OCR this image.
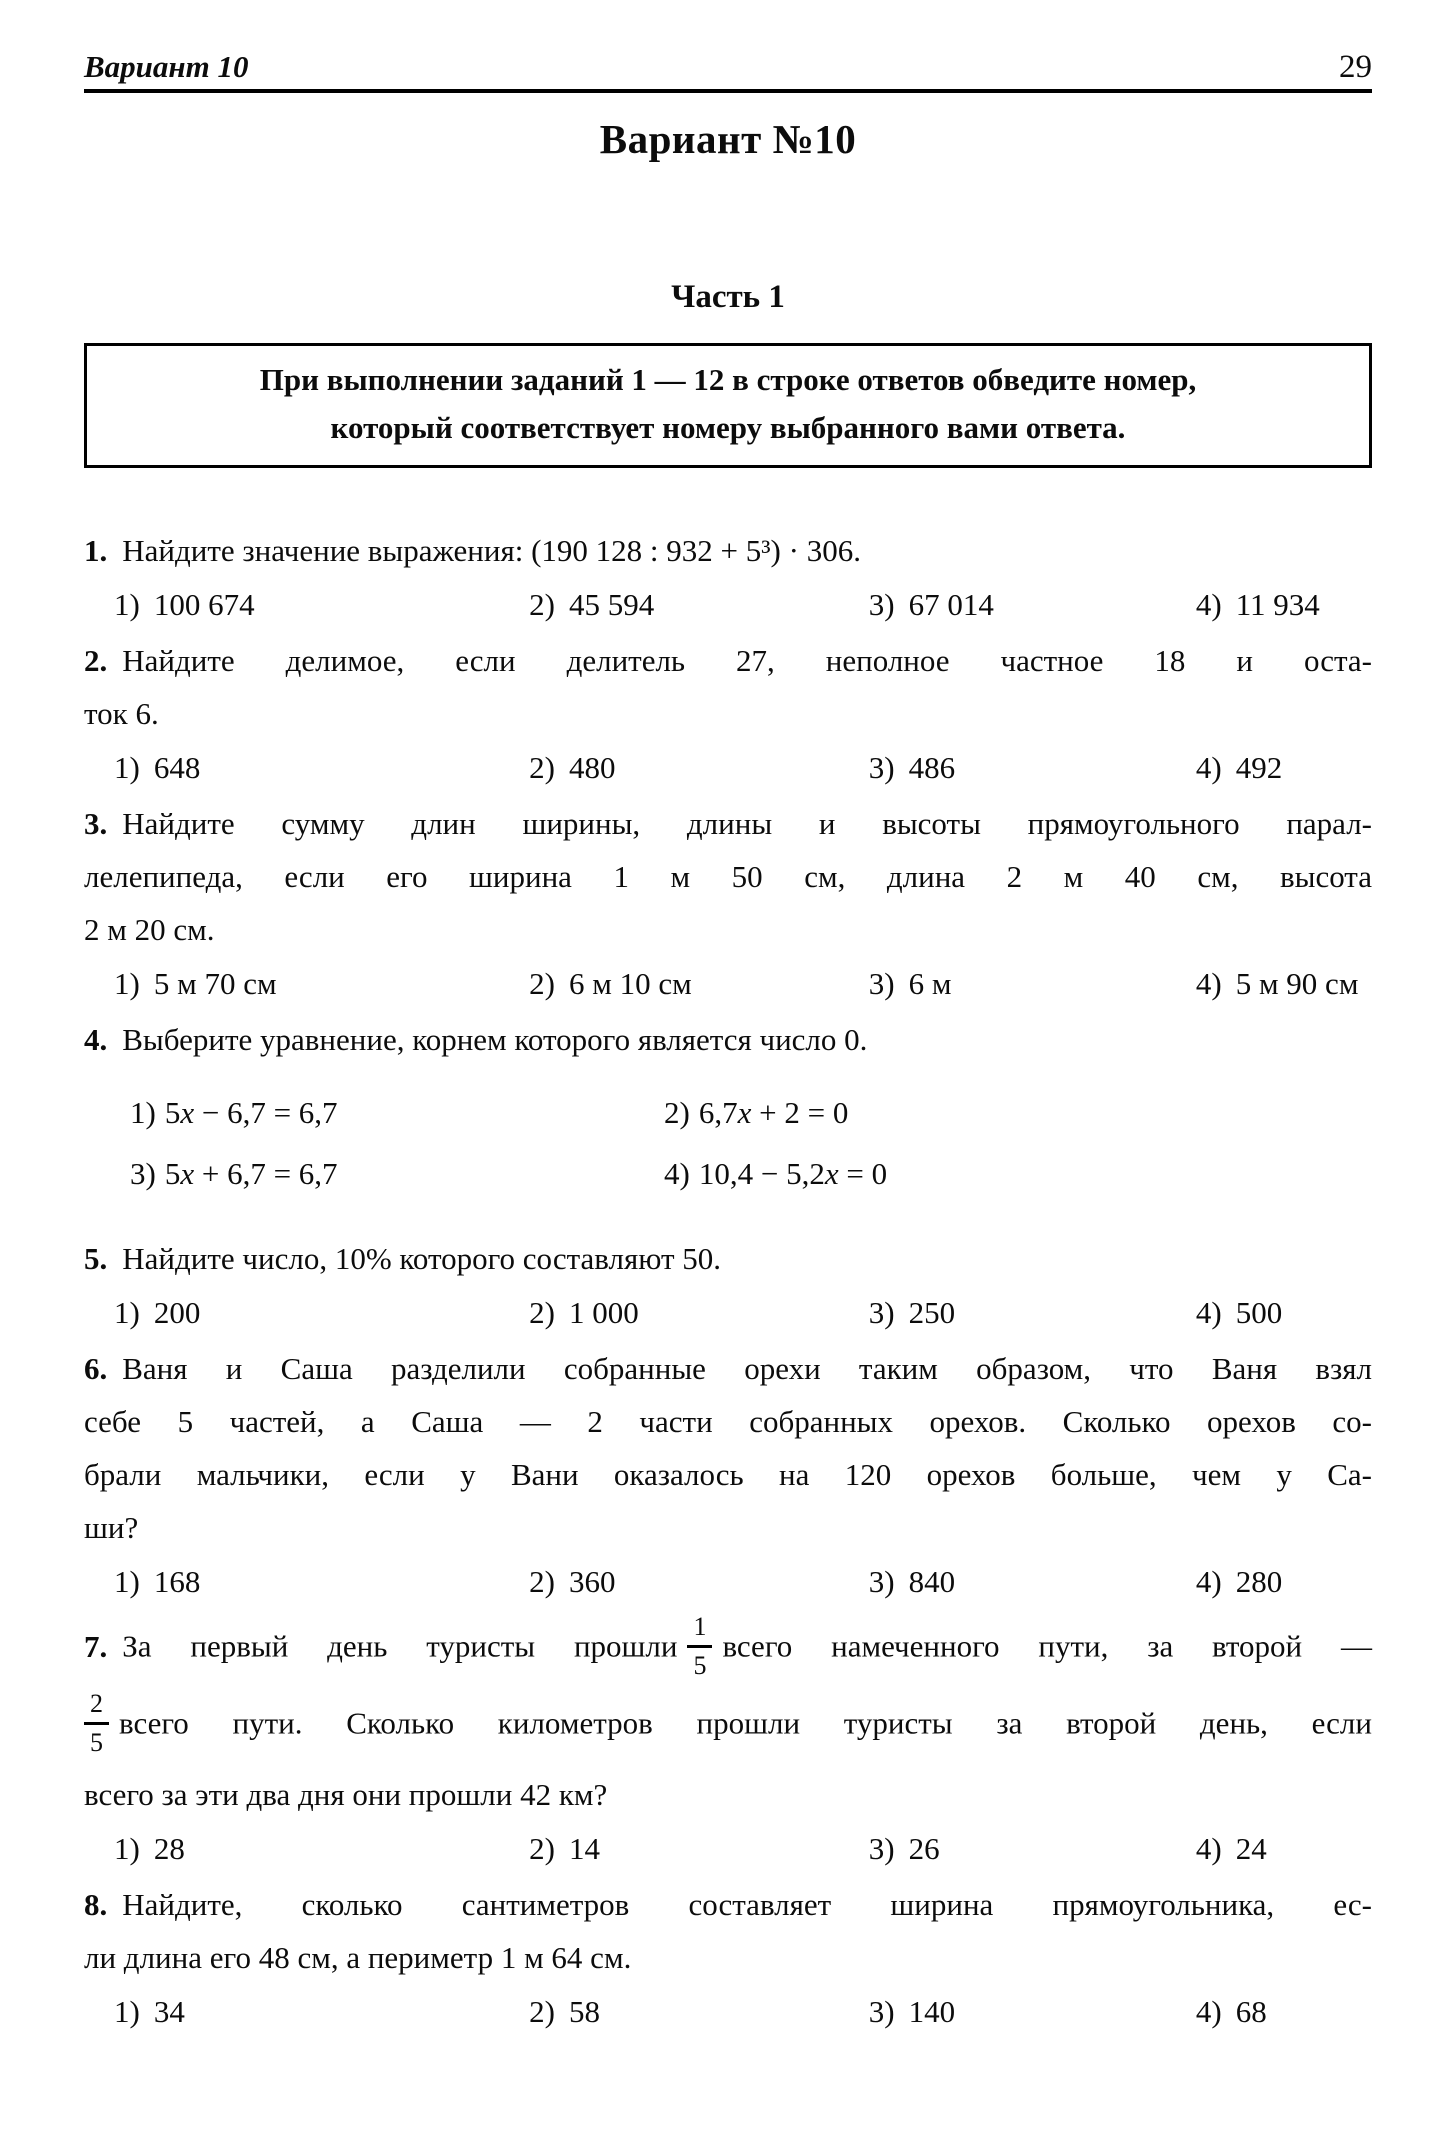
Вариант 10	29
Вариант №10
Часть 1
При выполнении заданий 1 — 12 в строке ответов обведите номер,
который соответствует номеру выбранного вами ответа.
1. Найдите значение выражения: (190 128 : 932 + 5³) · 306.
1) 100 674	2) 45 594	3) 67 014	4) 11 934
2. Найдите делимое, если делитель 27, неполное частное 18 и оста-
ток 6.
1) 648	2) 480	3) 486	4) 492
3. Найдите сумму длин ширины, длины и высоты прямоугольного парал-
лелепипеда, если его ширина 1 м 50 см, длина 2 м 40 см, высота
2 м 20 см.
1) 5 м 70 см	2) 6 м 10 см	3) 6 м	4) 5 м 90 см
4. Выберите уравнение, корнем которого является число 0.
1) 5x − 6,7 = 6,7	2) 6,7x + 2 = 0
3) 5x + 6,7 = 6,7	4) 10,4 − 5,2x = 0
5. Найдите число, 10% которого составляют 50.
1) 200	2) 1 000	3) 250	4) 500
6. Ваня и Саша разделили собранные орехи таким образом, что Ваня взял
себе 5 частей, а Саша — 2 части собранных орехов. Сколько орехов со-
брали мальчики, если у Вани оказалось на 120 орехов больше, чем у Са-
ши?
1) 168	2) 360	3) 840	4) 280
7. За первый день туристы прошли $\frac{1}{5}$ всего намеченного пути, за второй —
$\frac{2}{5}$ всего пути. Сколько километров прошли туристы за второй день, если
всего за эти два дня они прошли 42 км?
1) 28	2) 14	3) 26	4) 24
8. Найдите, сколько сантиметров составляет ширина прямоугольника, ес-
ли длина его 48 см, а периметр 1 м 64 см.
1) 34	2) 58	3) 140	4) 68
